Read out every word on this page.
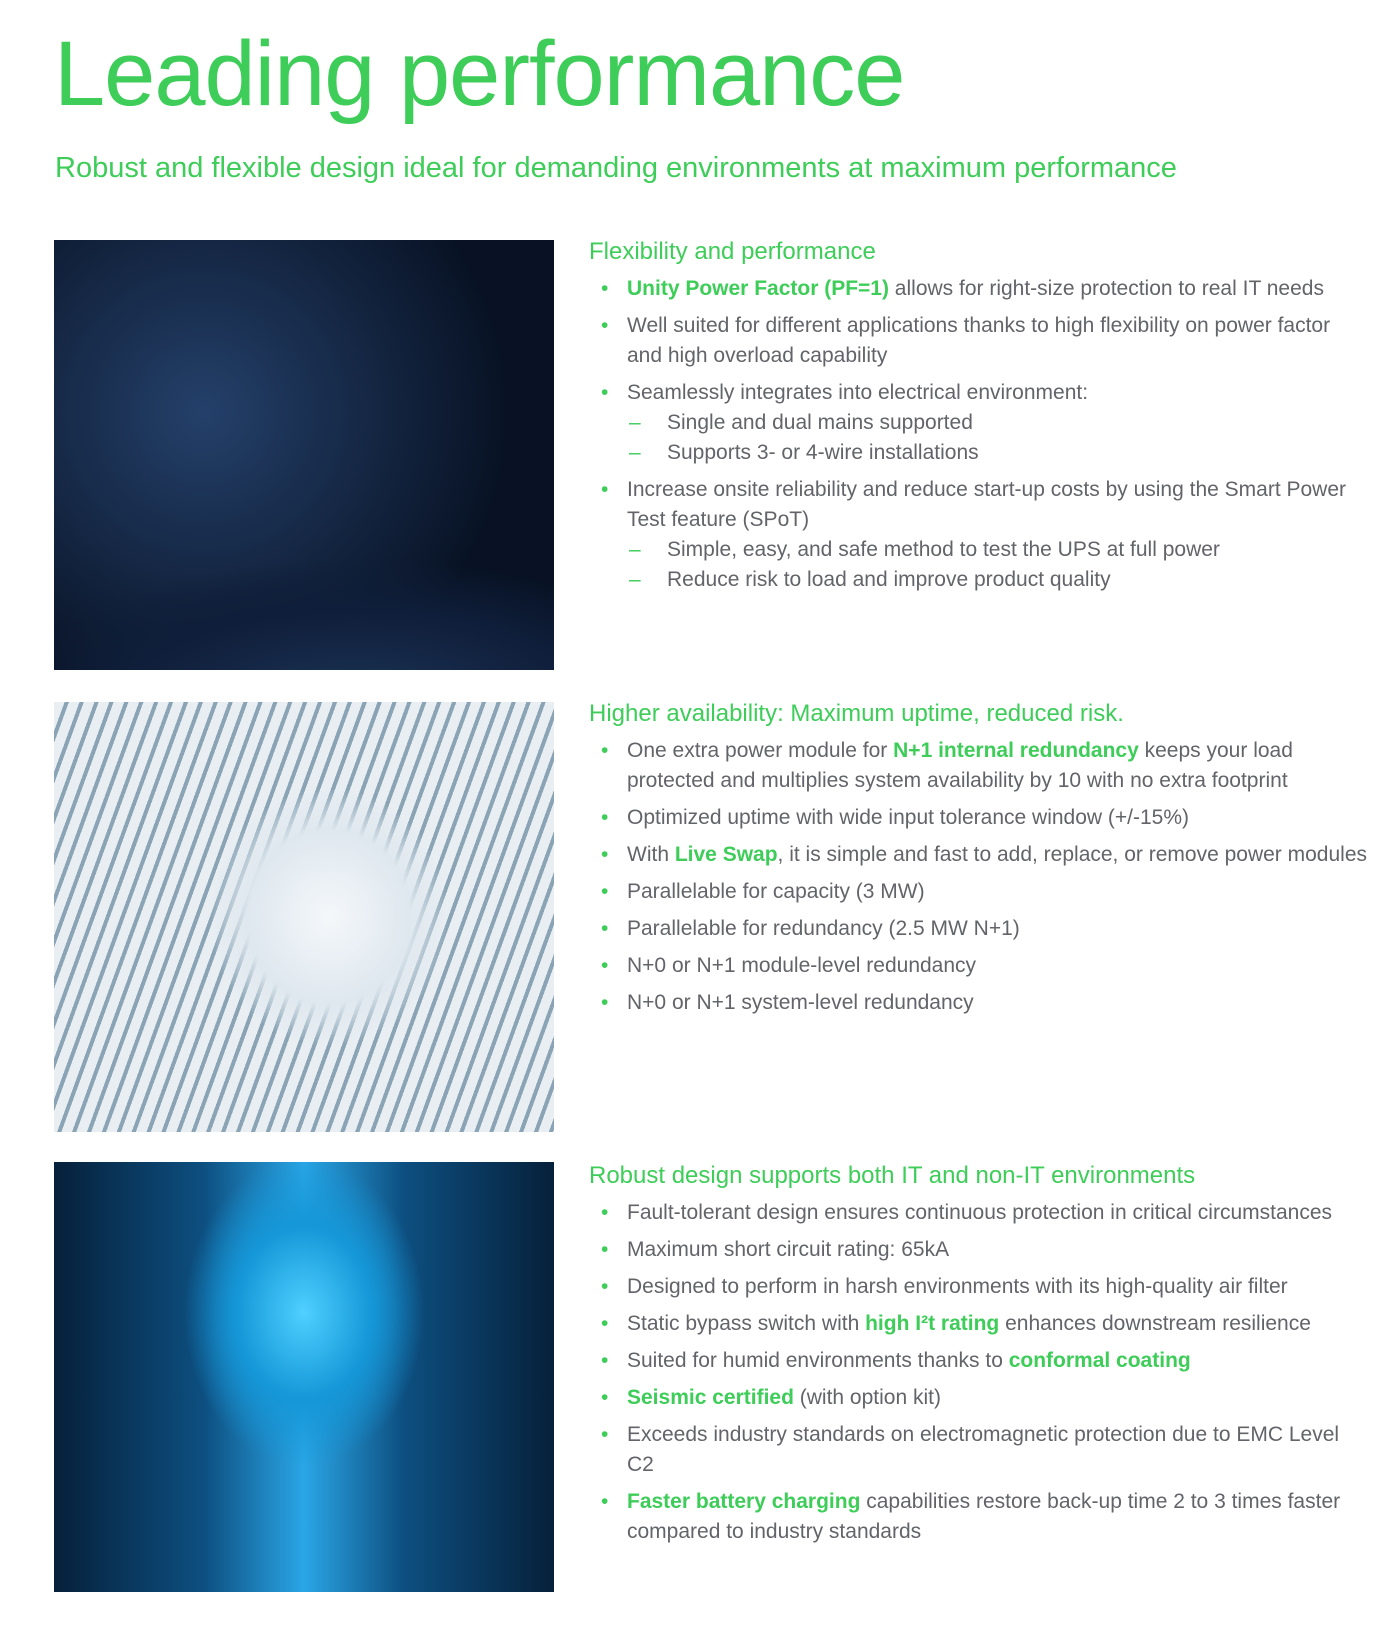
Leading performance
Robust and flexible design ideal for demanding environments at maximum performance
Flexibility and performance
• Unity Power Factor (PF=1) allows for right-size protection to real IT needs
• Well suited for different applications thanks to high flexibility on power factor and high overload capability
• Seamlessly integrates into electrical environment:
– Single and dual mains supported
– Supports 3- or 4-wire installations
• Increase onsite reliability and reduce start-up costs by using the Smart Power Test feature (SPoT)
– Simple, easy, and safe method to test the UPS at full power
– Reduce risk to load and improve product quality
Higher availability: Maximum uptime, reduced risk.
• One extra power module for N+1 internal redundancy keeps your load protected and multiplies system availability by 10 with no extra footprint
• Optimized uptime with wide input tolerance window (+/-15%)
• With Live Swap, it is simple and fast to add, replace, or remove power modules
• Parallelable for capacity (3 MW)
• Parallelable for redundancy (2.5 MW N+1)
• N+0 or N+1 module-level redundancy
• N+0 or N+1 system-level redundancy
Robust design supports both IT and non-IT environments
• Fault-tolerant design ensures continuous protection in critical circumstances
• Maximum short circuit rating: 65kA
• Designed to perform in harsh environments with its high-quality air filter
• Static bypass switch with high I²t rating enhances downstream resilience
• Suited for humid environments thanks to conformal coating
• Seismic certified (with option kit)
• Exceeds industry standards on electromagnetic protection due to EMC Level C2
• Faster battery charging capabilities restore back-up time 2 to 3 times faster compared to industry standards
